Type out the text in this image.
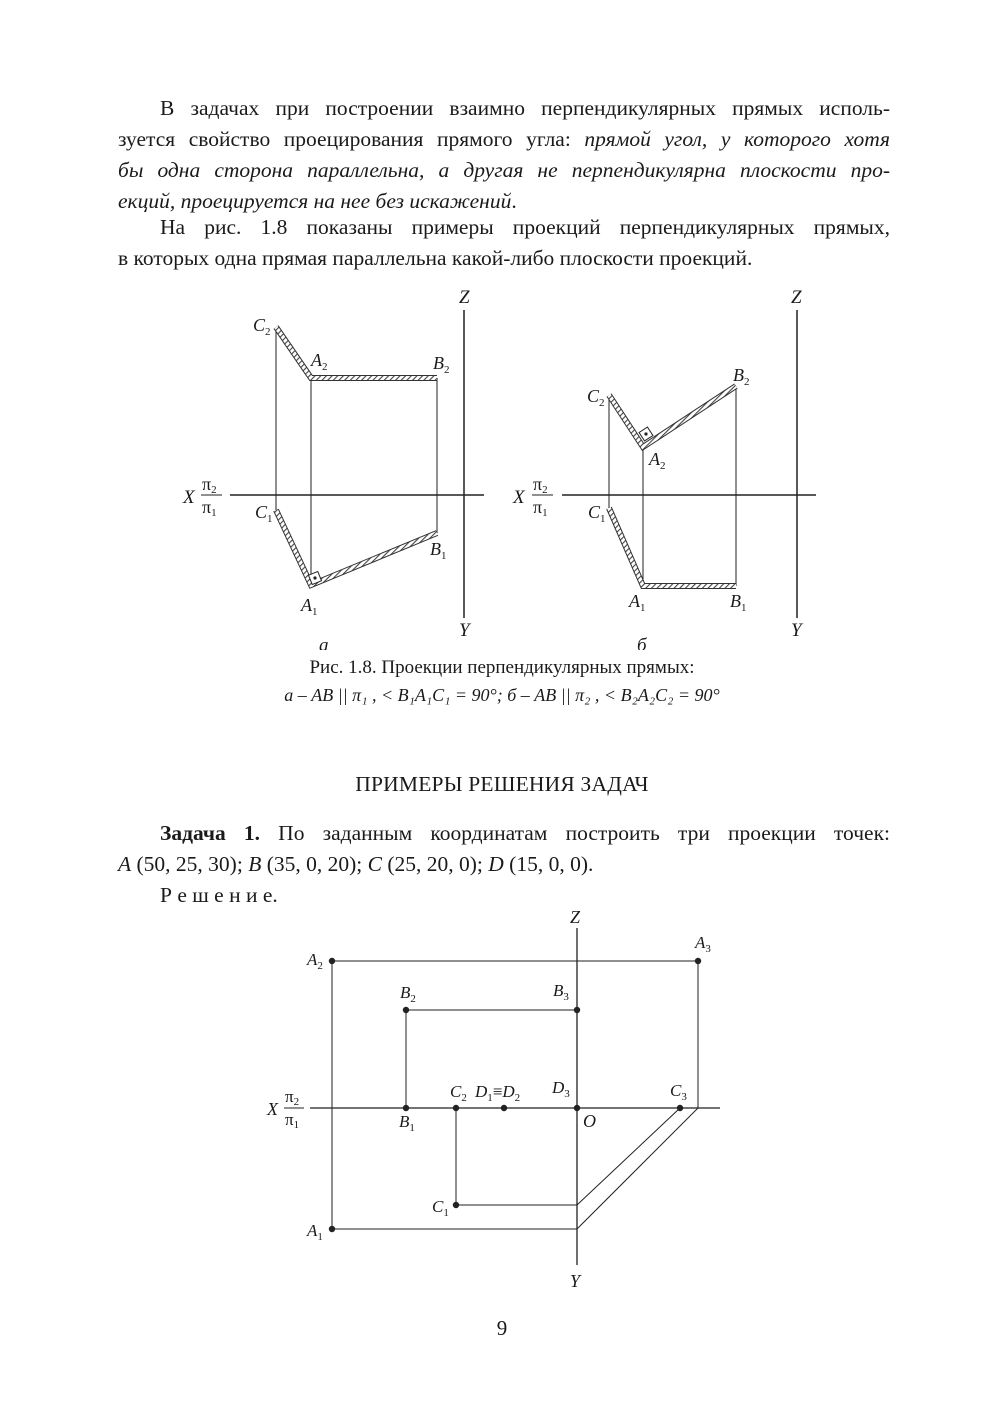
В задачах при построении взаимно перпендикулярных прямых исполь-
зуется свойство проецирования прямого угла: прямой угол, у которого хотя
бы одна сторона параллельна, а другая не перпендикулярна плоскости про-
екций, проецируется на нее без искажений.
На рис. 1.8 показаны примеры проекций перпендикулярных прямых,
в которых одна прямая параллельна какой-либо плоскости проекций.
Z
Y
X
π2
π1
$C_2$
$A_2$	$B_2$
$C_1$
$B_1$
$A_1$
а
Z
Y
X
π2
π1
$C_2$
$B_2$
$A_2$
$C_1$
$A_1$	$B_1$
б

Рис. 1.8. Проекции перпендикулярных прямых:

а – AB || π₁ , < B₁A₁C₁ = 90°; б – АВ || π₂ , < B₂A₂C₂ = 90°

ПРИМЕРЫ РЕШЕНИЯ ЗАДАЧ

Задача 1. По заданным координатам построить три проекции точек:
A (50, 25, 30); B (35, 0, 20); C (25, 20, 0); D (15, 0, 0).
Р е ш е н и е.
Z
Y
X
π2
π1	O
$A_2$
$A_3$
$A_1$
$B_2$	$B_3$
$B_1$
$C_2$ $D_1\equiv D_2$
$D_3$	$C_3$
$C_1$

9
